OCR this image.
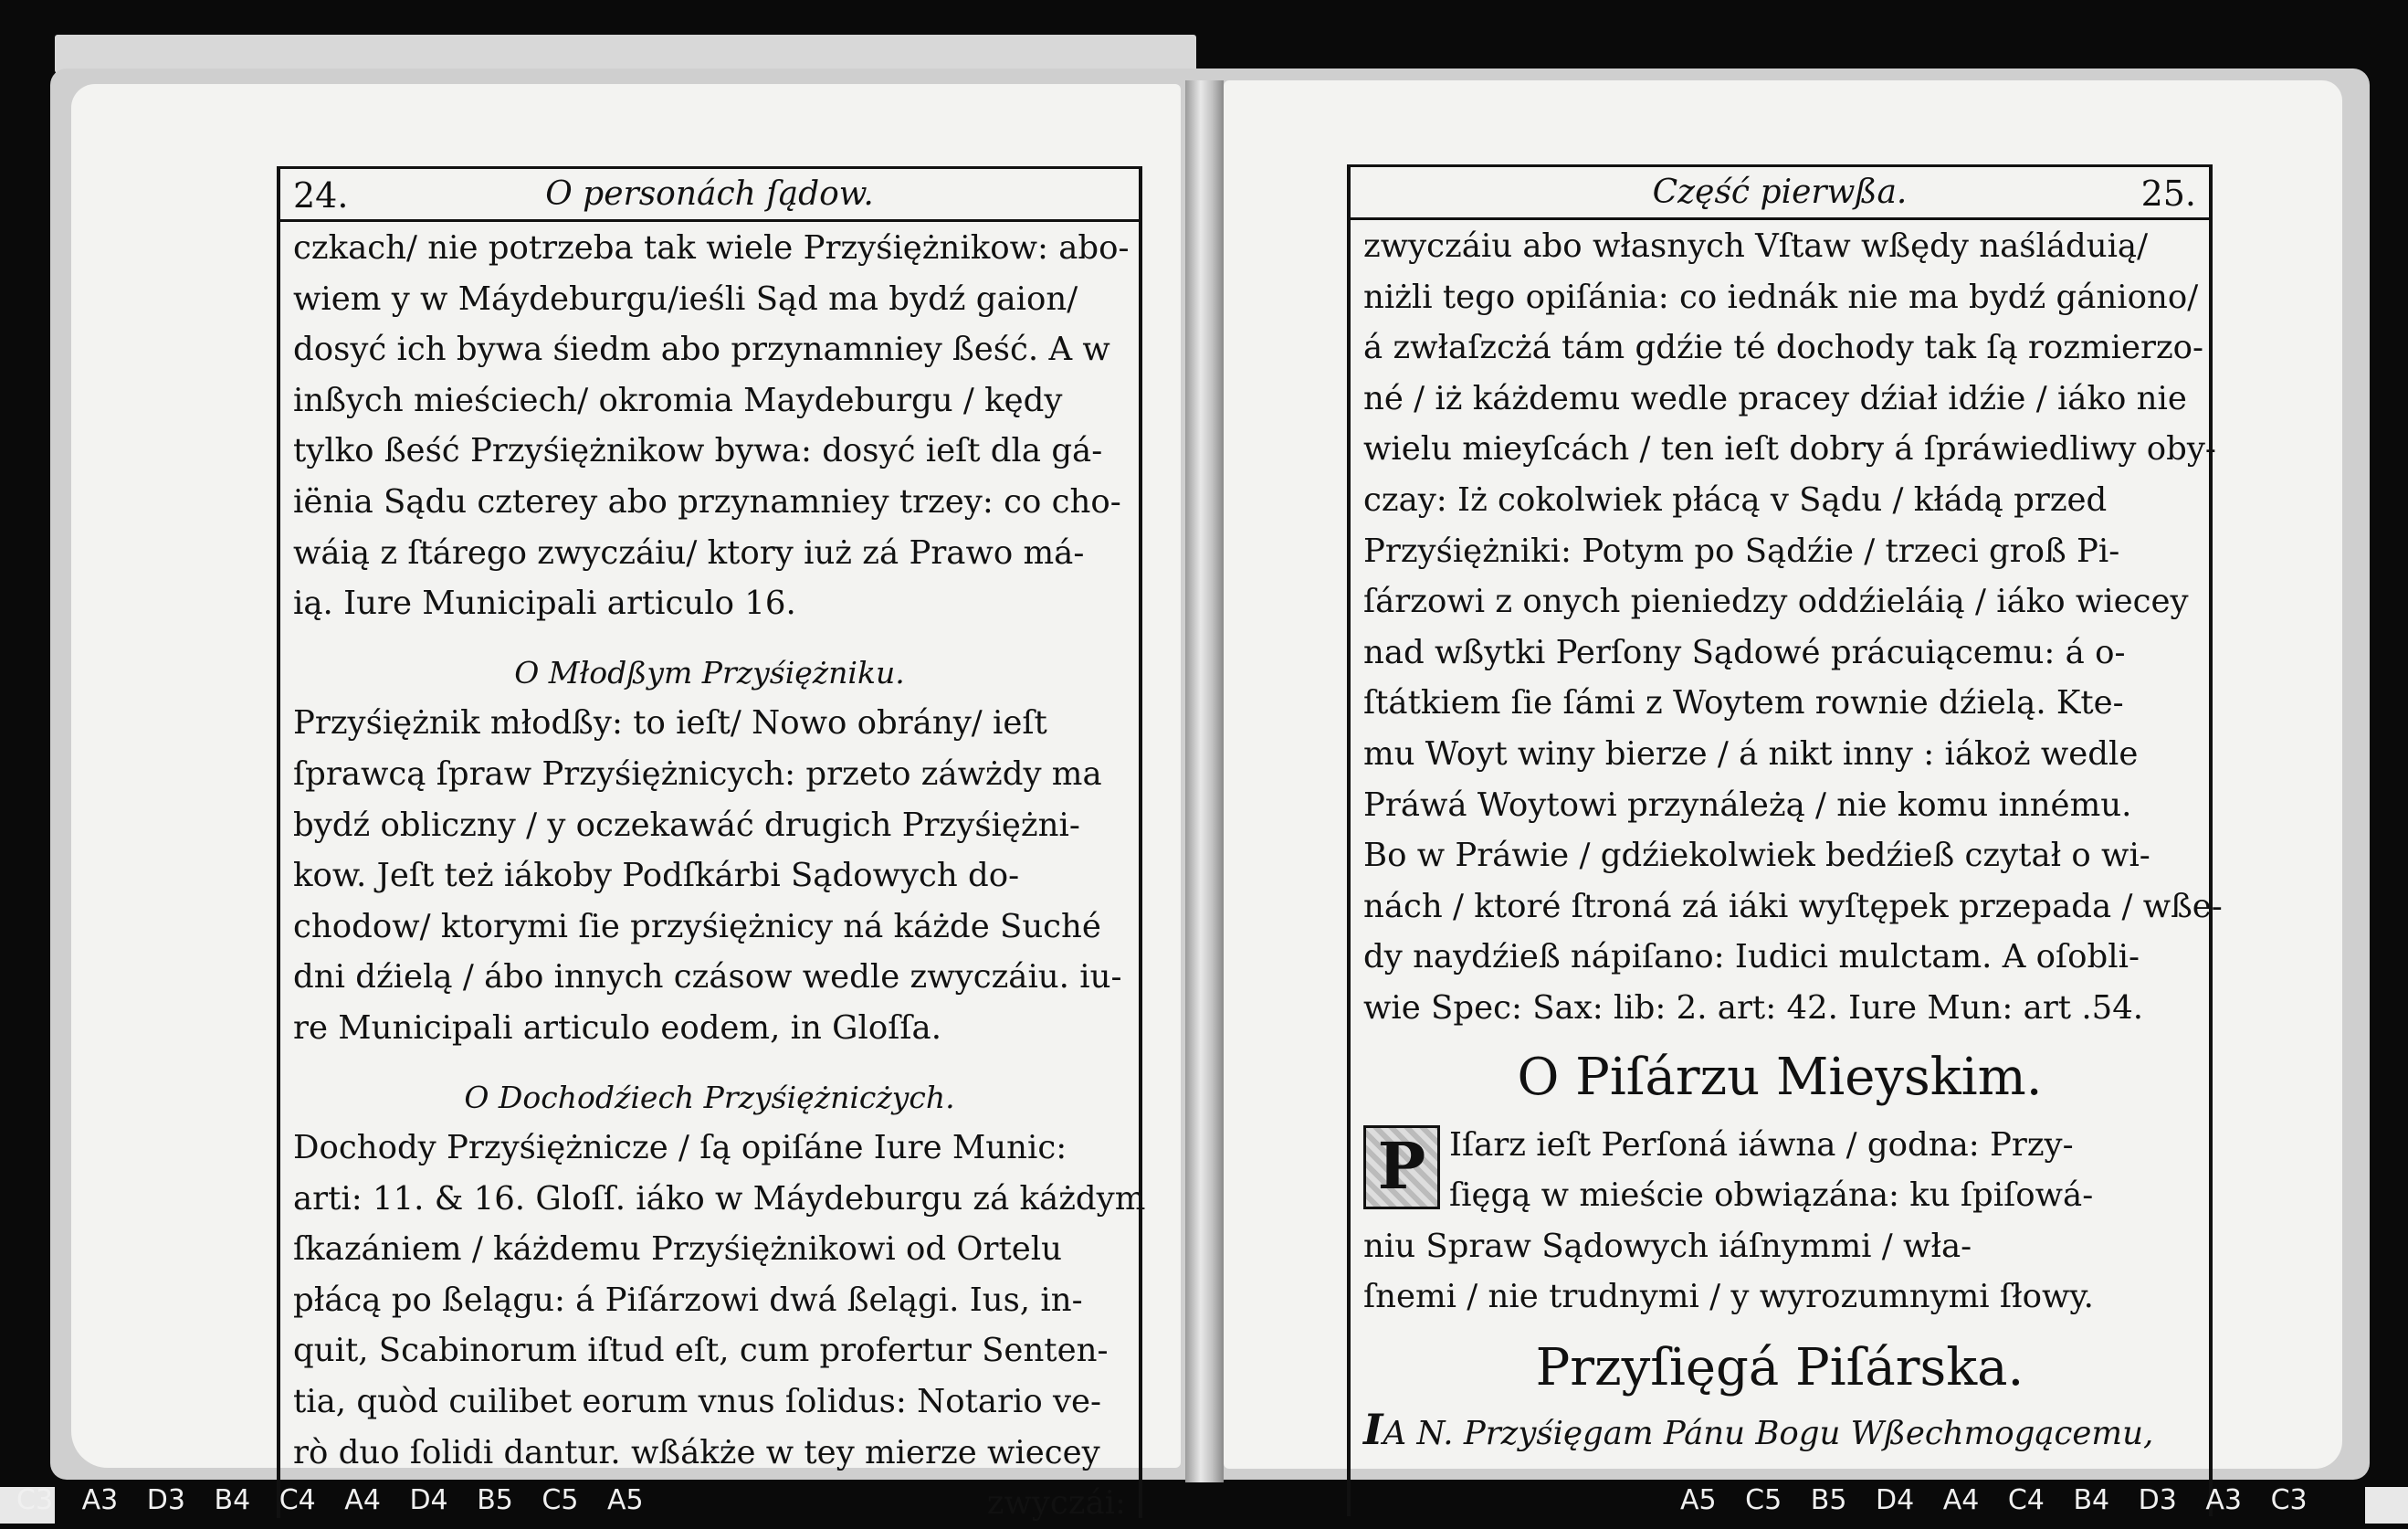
24.	O personách ſądow.
czkach/ nie potrzeba tak wiele Przyśiężnikow: abo-
wiem y w Máydeburgu/ieśli Sąd ma bydź gaion/
dosyć ich bywa śiedm abo przynamniey ßeść. A w
inßych mieściech/ okromia Maydeburgu / kędy
tylko ßeść Przyśiężnikow bywa: dosyć ieſt dla gá-
iënia Sądu czterey abo przynamniey trzey: co cho-
wáią z ſtárego zwyczáiu/ ktory iuż zá Prawo má-
ią. Iure Municipali articulo 16.
O Młodßym Przyśiężniku.
Przyśiężnik młodßy: to ieſt/ Nowo obrány/ ieſt
ſprawcą ſpraw Przyśiężnicych: przeto záwżdy ma
bydź obliczny / y oczekawáć drugich Przyśiężni-
kow. Jeſt też iákoby Podſkárbi Sądowych do-
chodow/ ktorymi ſie przyśiężnicy ná káżde Suché
dni dźielą / ábo innych czásow wedle zwyczáiu. iu-
re Municipali articulo eodem, in Gloſſa.
O Dochodźiech Przyśiężnicżych.
Dochody Przyśiężnicze / ſą opiſáne Iure Munic:
arti: 11. & 16. Gloſſ. iáko w Máydeburgu zá káżdym
ſkazániem / káżdemu Przyśiężnikowi od Ortelu
płácą po ßelągu: á Piſárzowi dwá ßelągi. Ius, in-
quit, Scabinorum iſtud eſt, cum profertur Senten-
tia, quòd cuilibet eorum vnus ſolidus: Notario ve-
rò duo ſolidi dantur. wßákże w tey mierze wiecey
zwyczái:
Część pierwßa.	25.
zwyczáiu abo własnych Vſtaw wßędy naśláduią/
niżli tego opiſánia: co iednák nie ma bydź gániono/
á zwłaſzcżá tám gdźie té dochody tak ſą rozmierzo-
né / iż káżdemu wedle pracey dźiał idźie / iáko nie
wielu mieyſcách / ten ieſt dobry á ſpráwiedliwy oby-
czay: Iż cokolwiek płácą v Sądu / kłádą przed
Przyśiężniki: Potym po Sądźie / trzeci groß Pi-
ſárzowi z onych pieniedzy oddźieláią / iáko wiecey
nad wßytki Perſony Sądowé prácuiącemu: á o-
ſtátkiem ſie ſámi z Woytem rownie dźielą. Kte-
mu Woyt winy bierze / á nikt inny : iákoż wedle
Práwá Woytowi przynáleżą / nie komu innému.
Bo w Práwie / gdźiekolwiek bedźieß czytał o wi-
nách / ktoré ſtroná zá iáki wyſtępek przepada / wße-
dy naydźieß nápiſano: Iudici mulctam. A oſobli-
wie Spec: Sax: lib: 2. art: 42. Iure Mun: art .54.
O Piſárzu Mieyskim.
P Iſarz ieſt Perſoná iáwna / godna: Przy-
ſięgą w mieście obwiązána: ku ſpiſowá-
niu Spraw Sądowych iáſnymmi / wła-
ſnemi / nie trudnymi / y wyrozumnymi ſłowy.
Przyſięgá Piſárska.
IA N. Przyśięgam Pánu Bogu Wßechmogącemu,
C3 A3 D3 B4 C4 A4 D4 B5 C5 A5	A5 C5 B5 D4 A4 C4 B4 D3 A3 C3
